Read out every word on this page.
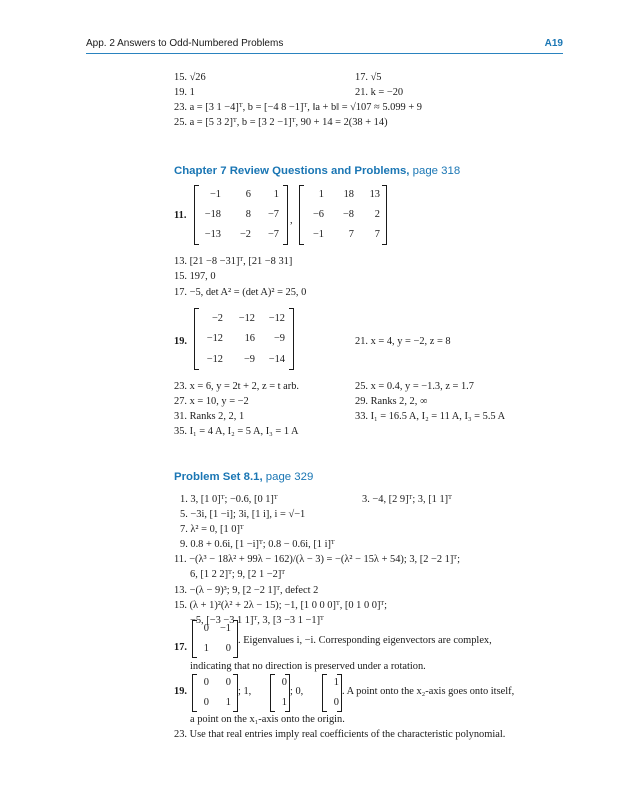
App. 2 Answers to Odd-Numbered Problems	A19
15. √26	17. √5
19. 1	21. k = −20
23. a = [3 1 −4]ᵀ, b = [−4 8 −1]ᵀ, ‖a + b‖ = √107 ≈ 5.099 + 9
25. a = [5 3 2]ᵀ, b = [3 2 −1]ᵀ, 90 + 14 = 2(38 + 14)
Chapter 7 Review Questions and Problems, page 318
11.
−1	6	1
−18	8	−7
−13	−2	−7
,
1	18	13
−6	−8	2
−1	7	7
13. [21 −8 −31]ᵀ, [21 −8 31]
15. 197, 0
17. −5, det A² = (det A)² = 25, 0
19.
−2	−12	−12
−12	16	−9
−12	−9	−14
21. x = 4, y = −2, z = 8
23. x = 6, y = 2t + 2, z = t arb.	25. x = 0.4, y = −1.3, z = 1.7
27. x = 10, y = −2	29. Ranks 2, 2, ∞
31. Ranks 2, 2, 1	33. I₁ = 16.5 A, I₂ = 11 A, I₃ = 5.5 A
35. I₁ = 4 A, I₂ = 5 A, I₃ = 1 A
Problem Set 8.1, page 329
1. 3, [1 0]ᵀ; −0.6, [0 1]ᵀ	3. −4, [2 9]ᵀ; 3, [1 1]ᵀ
5. −3i, [1 −i]; 3i, [1 i], i = √−1
7. λ² = 0, [1 0]ᵀ
9. 0.8 + 0.6i, [1 −i]ᵀ; 0.8 − 0.6i, [1 i]ᵀ
11. −(λ³ − 18λ² + 99λ − 162)/(λ − 3) = −(λ² − 15λ + 54); 3, [2 −2 1]ᵀ;
6, [1 2 2]ᵀ; 9, [2 1 −2]ᵀ
13. −(λ − 9)³; 9, [2 −2 1]ᵀ, defect 2
15. (λ + 1)²(λ² + 2λ − 15); −1, [1 0 0 0]ᵀ, [0 1 0 0]ᵀ;
−5, [−3 −3 1 1]ᵀ, 3, [3 −3 1 −1]ᵀ
17.
0	−1
1	0
. Eigenvalues i, −i. Corresponding eigenvectors are complex,
indicating that no direction is preserved under a rotation.
19.
0	0
0	1
; 1,
0
1
; 0,
1
0
. A point onto the x₂-axis goes onto itself,
a point on the x₁-axis onto the origin.
23. Use that real entries imply real coefficients of the characteristic polynomial.
